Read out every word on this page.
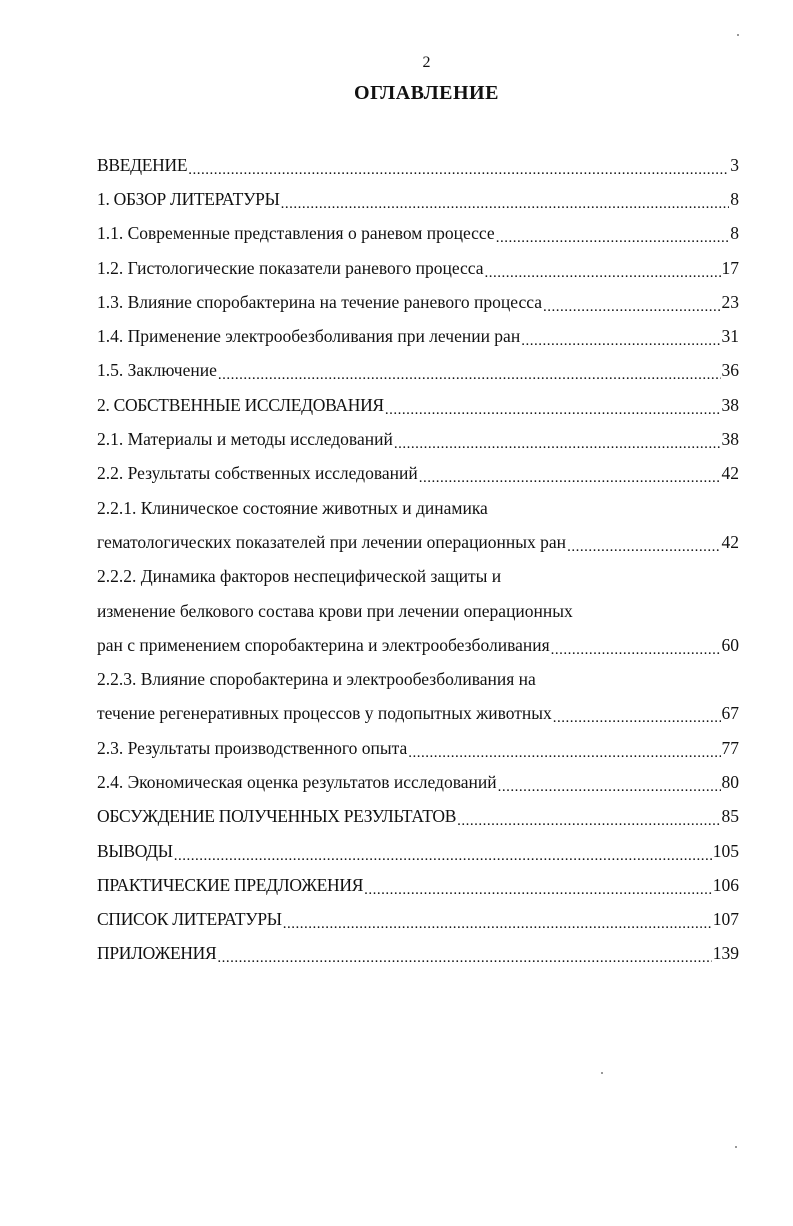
2
ОГЛАВЛЕНИЕ
ВВЕДЕНИЕ .....	3
1. ОБЗОР ЛИТЕРАТУРЫ .....	8
1.1. Современные представления о раневом процессе .....	8
1.2. Гистологические показатели раневого процесса .....	17
1.3. Влияние споробактерина на течение раневого процесса .....	23
1.4. Применение электрообезболивания при лечении ран .....	31
1.5. Заключение .....	36
2. СОБСТВЕННЫЕ ИССЛЕДОВАНИЯ .....	38
2.1. Материалы и методы исследований .....	38
2.2. Результаты собственных исследований .....	42
2.2.1. Клиническое состояние животных и динамика
гематологических показателей при лечении операционных ран .....	42
2.2.2. Динамика факторов неспецифической защиты и
изменение белкового состава крови при лечении операционных
ран с применением споробактерина и электрообезболивания .....	60
2.2.3. Влияние споробактерина и электрообезболивания на
течение регенеративных процессов у подопытных животных .....	67
2.3. Результаты производственного опыта .....	77
2.4. Экономическая оценка результатов исследований .....	80
ОБСУЖДЕНИЕ ПОЛУЧЕННЫХ РЕЗУЛЬТАТОВ .....	85
ВЫВОДЫ .....	105
ПРАКТИЧЕСКИЕ ПРЕДЛОЖЕНИЯ .....	106
СПИСОК ЛИТЕРАТУРЫ .....	107
ПРИЛОЖЕНИЯ .....	139
